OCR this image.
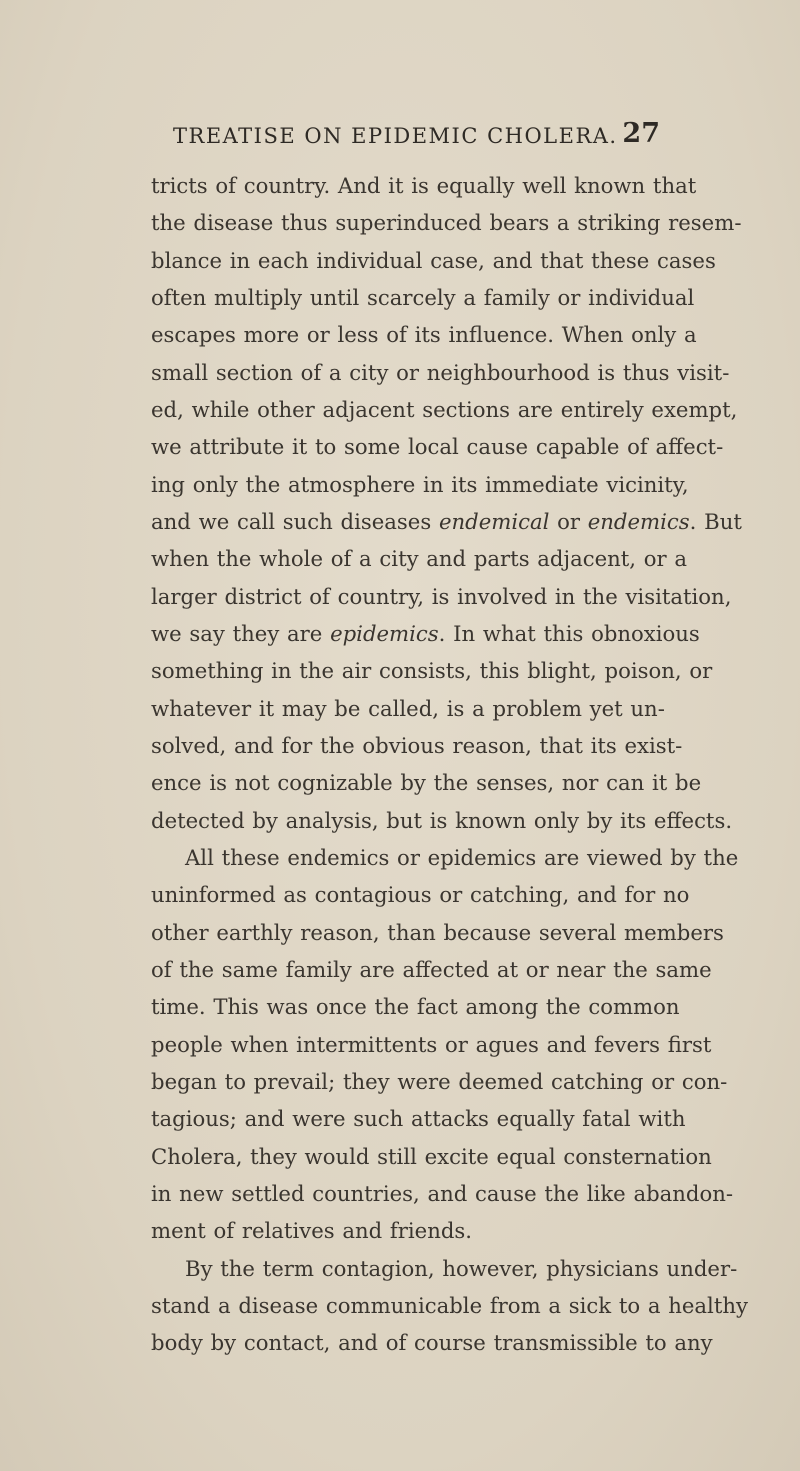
TREATISE ON EPIDEMIC CHOLERA. 27
tricts of country. And it is equally well known that
the disease thus superinduced bears a striking resem-
blance in each individual case, and that these cases
often multiply until scarcely a family or individual
escapes more or less of its influence. When only a
small section of a city or neighbourhood is thus visit-
ed, while other adjacent sections are entirely exempt,
we attribute it to some local cause capable of affect-
ing only the atmosphere in its immediate vicinity,
and we call such diseases endemical or endemics. But
when the whole of a city and parts adjacent, or a
larger district of country, is involved in the visitation,
we say they are epidemics. In what this obnoxious
something in the air consists, this blight, poison, or
whatever it may be called, is a problem yet un-
solved, and for the obvious reason, that its exist-
ence is not cognizable by the senses, nor can it be
detected by analysis, but is known only by its effects.
All these endemics or epidemics are viewed by the
uninformed as contagious or catching, and for no
other earthly reason, than because several members
of the same family are affected at or near the same
time. This was once the fact among the common
people when intermittents or agues and fevers first
began to prevail; they were deemed catching or con-
tagious; and were such attacks equally fatal with
Cholera, they would still excite equal consternation
in new settled countries, and cause the like abandon-
ment of relatives and friends.
By the term contagion, however, physicians under-
stand a disease communicable from a sick to a healthy
body by contact, and of course transmissible to any
